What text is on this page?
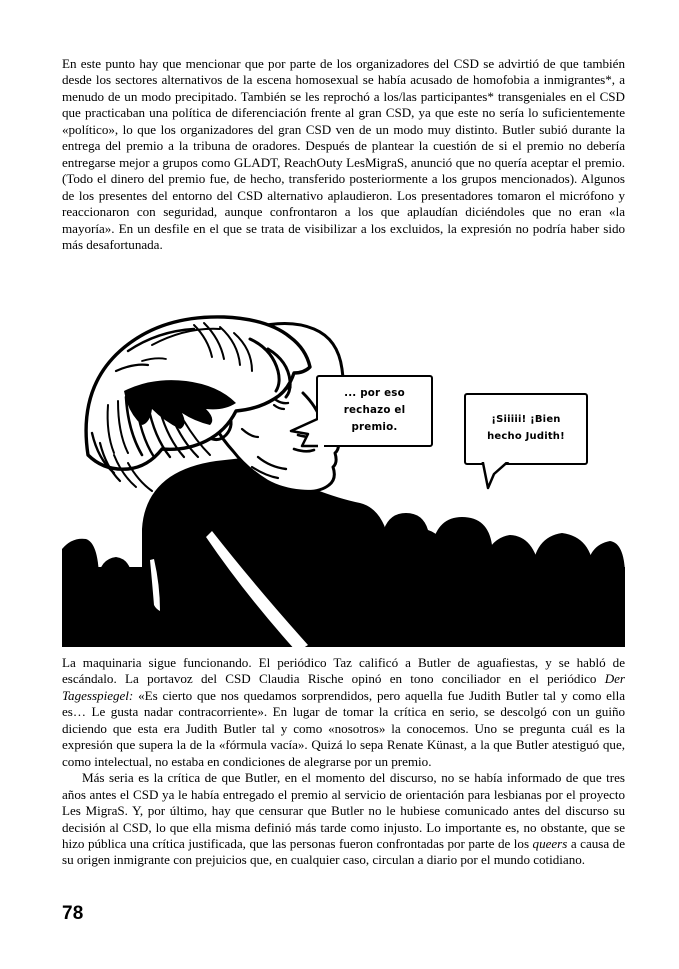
En este punto hay que mencionar que por parte de los organizadores del CSD se advirtió de que también desde los sectores alternativos de la escena homosexual se había acusado de homofobia a inmigrantes*, a menudo de un modo precipitado. También se les reprochó a los/las participantes* transgeniales en el CSD que practicaban una política de diferenciación frente al gran CSD, ya que este no sería lo suficientemente «político», lo que los organizadores del gran CSD ven de un modo muy distinto. Butler subió durante la entrega del premio a la tribuna de oradores. Después de plantear la cuestión de si el premio no debería entregarse mejor a grupos como GLADT, ReachOuty LesMigraS, anunció que no quería aceptar el premio. (Todo el dinero del premio fue, de hecho, transferido posteriormente a los grupos mencionados). Algunos de los presentes del entorno del CSD alternativo aplaudieron. Los presentadores tomaron el micrófono y reaccionaron con seguridad, aunque confrontaron a los que aplaudían diciéndoles que no eran «la mayoría». En un desfile en el que se trata de visibilizar a los excluidos, la expresión no podría haber sido más desafortunada.

... por eso
rechazo el
premio.
¡Siiiii! ¡Bien
hecho Judith!

La maquinaria sigue funcionando. El periódico Taz calificó a Butler de aguafiestas, y se habló de escándalo. La portavoz del CSD Claudia Rische opinó en tono conciliador en el periódico Der Tagesspiegel: «Es cierto que nos quedamos sorprendidos, pero aquella fue Judith Butler tal y como ella es… Le gusta nadar contracorriente». En lugar de tomar la crítica en serio, se descolgó con un guiño diciendo que esta era Judith Butler tal y como «nosotros» la conocemos. Uno se pregunta cuál es la expresión que supera la de la «fórmula vacía». Quizá lo sepa Renate Künast, a la que Butler atestiguó que, como intelectual, no estaba en condiciones de alegrarse por un premio.

Más seria es la crítica de que Butler, en el momento del discurso, no se había informado de que tres años antes el CSD ya le había entregado el premio al servicio de orientación para lesbianas por el proyecto Les MigraS. Y, por último, hay que censurar que Butler no le hubiese comunicado antes del discurso su decisión al CSD, lo que ella misma definió más tarde como injusto. Lo importante es, no obstante, que se hizo pública una crítica justificada, que las personas fueron confrontadas por parte de los queers a causa de su origen inmigrante con prejuicios que, en cualquier caso, circulan a diario por el mundo cotidiano.

78
